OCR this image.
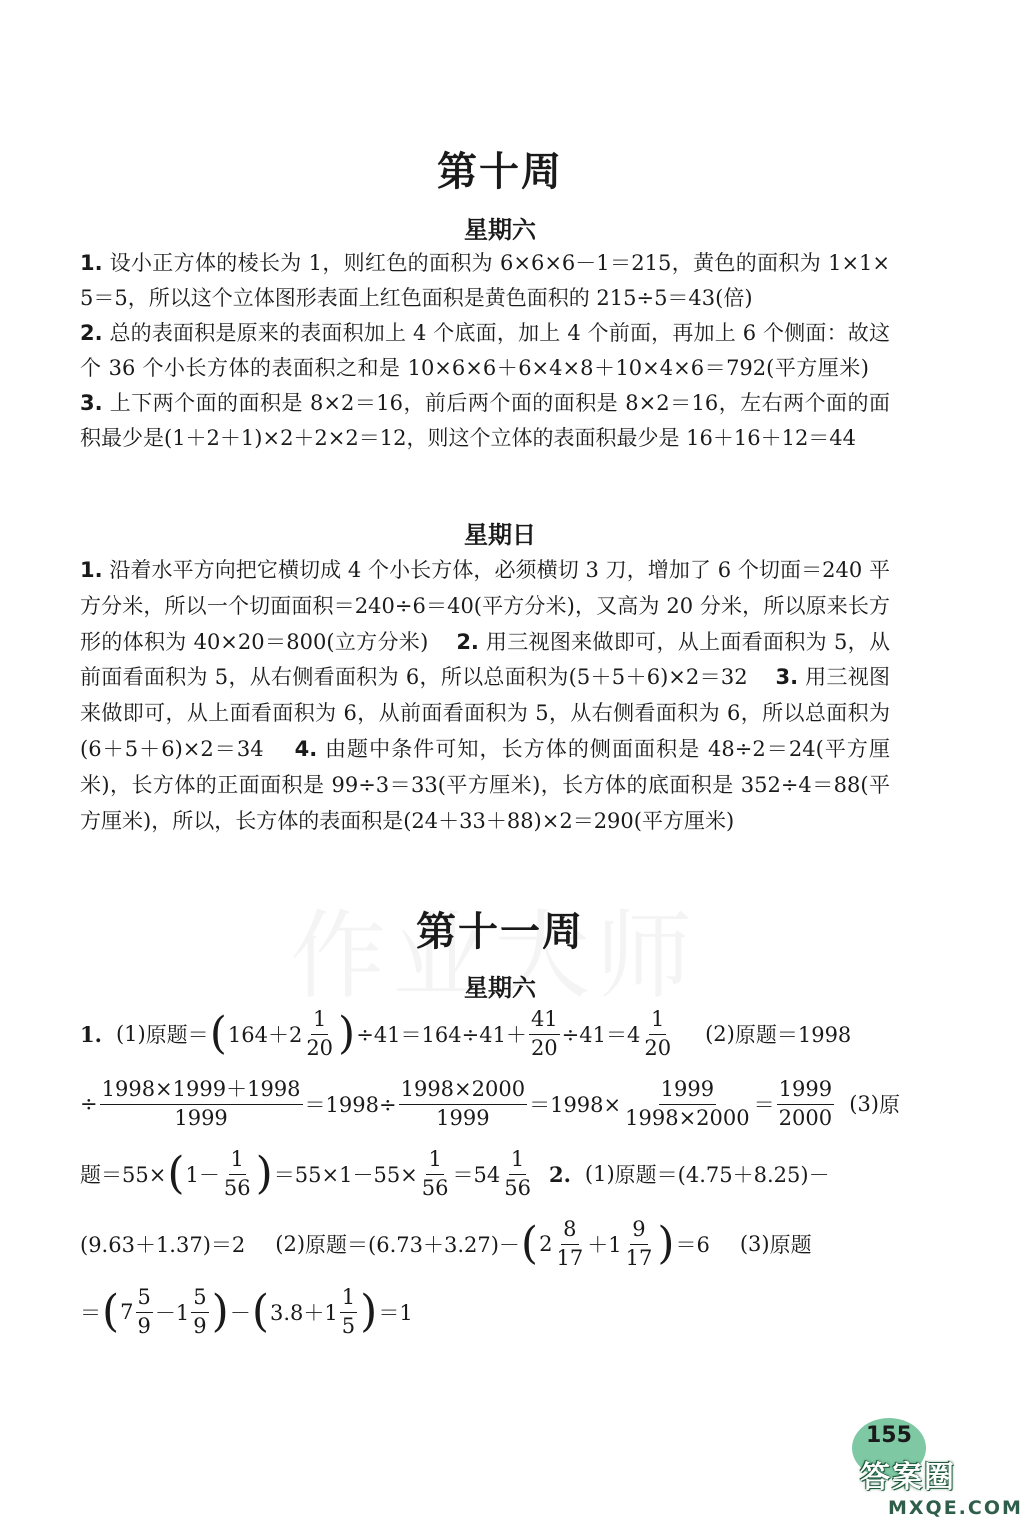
第十周
星期六

1. 设小正方体的棱长为 1，则红色的面积为 6×6×6－1＝215，黄色的面积为 1×1×5＝5，所以这个立体图形表面上红色面积是黄色面积的 215÷5＝43(倍)
2. 总的表面积是原来的表面积加上 4 个底面，加上 4 个前面，再加上 6 个侧面：故这个 36 个小长方体的表面积之和是 10×6×6＋6×4×8＋10×4×6＝792(平方厘米)    3. 上下两个面的面积是 8×2＝16，前后两个面的面积是 8×2＝16，左右两个面的面积最少是(1＋2＋1)×2＋2×2＝12，则这个立体的表面积最少是 16＋16＋12＝44

星期日

1. 沿着水平方向把它横切成 4 个小长方体，必须横切 3 刀，增加了 6 个切面＝240 平方分米，所以一个切面面积＝240÷6＝40(平方分米)，又高为 20 分米，所以原来长方形的体积为 40×20＝800(立方分米) 2. 用三视图来做即可，从上面看面积为 5，从前面看面积为 5，从右侧看面积为 6，所以总面积为(5＋5＋6)×2＝32 3. 用三视图来做即可，从上面看面积为 6，从前面看面积为 5，从右侧看面积为 6，所以总面积为(6＋5＋6)×2＝34 4. 由题中条件可知，长方体的侧面面积是 48÷2＝24(平方厘米)，长方体的正面面积是 99÷3＝33(平方厘米)，长方体的底面积是 352÷4＝88(平方厘米)，所以，长方体的表面积是(24＋33＋88)×2＝290(平方厘米)

第十一周
星期六
1. (1) 原题＝ ( $164+2 \frac{1}{20}$ ) $\div 41=164\div 41+ \frac{41}{20} \div 41=4 \frac{1}{20} (2)$ 原题＝1998
÷ $\frac{1998\times 1999+1998}{1999} =1998\div \frac{1998\times 2000}{1999} =1998\times \frac{1999}{1998\times 2000} = \frac{1999}{2000} (3)$ 原
题＝55× ( $1- \frac{1}{56}$ ) $=55\times 1-55\times \frac{1}{56} =54 \frac{1}{56} 2$. (1) 原题＝(4.75＋8.25)－
(9.63＋1.37)＝2 (2) 原题＝(6.73＋3.27)－ ( $2 \frac{8}{17} +1 \frac{9}{17}$ ) ＝6 (3) 原题
＝ ( $7 \frac{5}{9} -1 \frac{5}{9}$ ) － ( $3.8+1 \frac{1}{5}$ ) ＝1
155
答案圈
MXQE.COM
